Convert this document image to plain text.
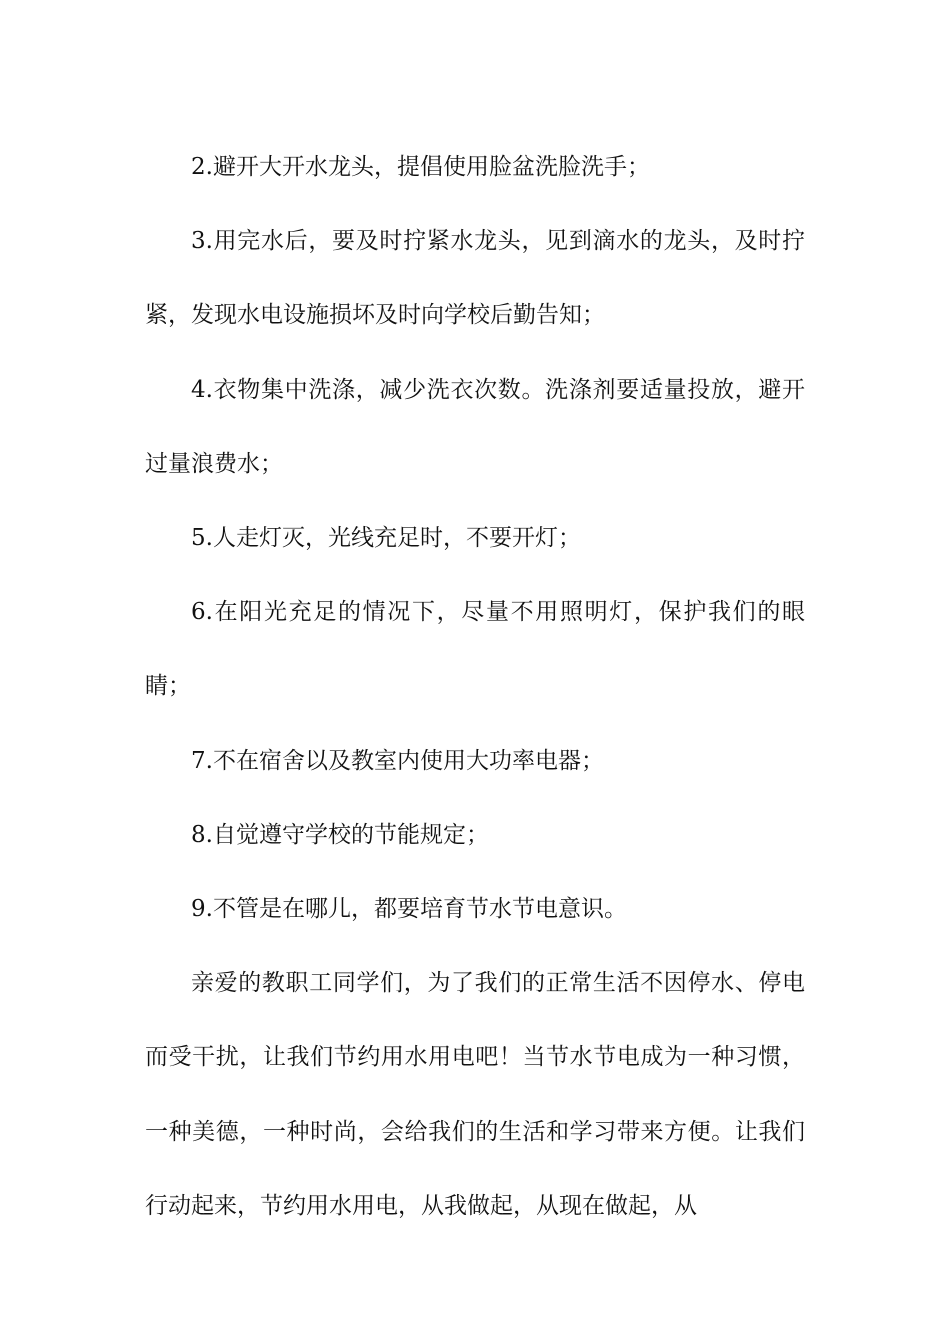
2.避开大开水龙头，提倡使用脸盆洗脸洗手；

3.用完水后，要及时拧紧水龙头，见到滴水的龙头，及时拧紧，发现水电设施损坏及时向学校后勤告知；

4.衣物集中洗涤，减少洗衣次数。洗涤剂要适量投放，避开过量浪费水；

5.人走灯灭，光线充足时，不要开灯；

6.在阳光充足的情况下，尽量不用照明灯，保护我们的眼睛；

7.不在宿舍以及教室内使用大功率电器；

8.自觉遵守学校的节能规定；

9.不管是在哪儿，都要培育节水节电意识。

亲爱的教职工同学们，为了我们的正常生活不因停水、停电而受干扰，让我们节约用水用电吧！当节水节电成为一种习惯，一种美德，一种时尚，会给我们的生活和学习带来方便。让我们行动起来，节约用水用电，从我做起，从现在做起，从
